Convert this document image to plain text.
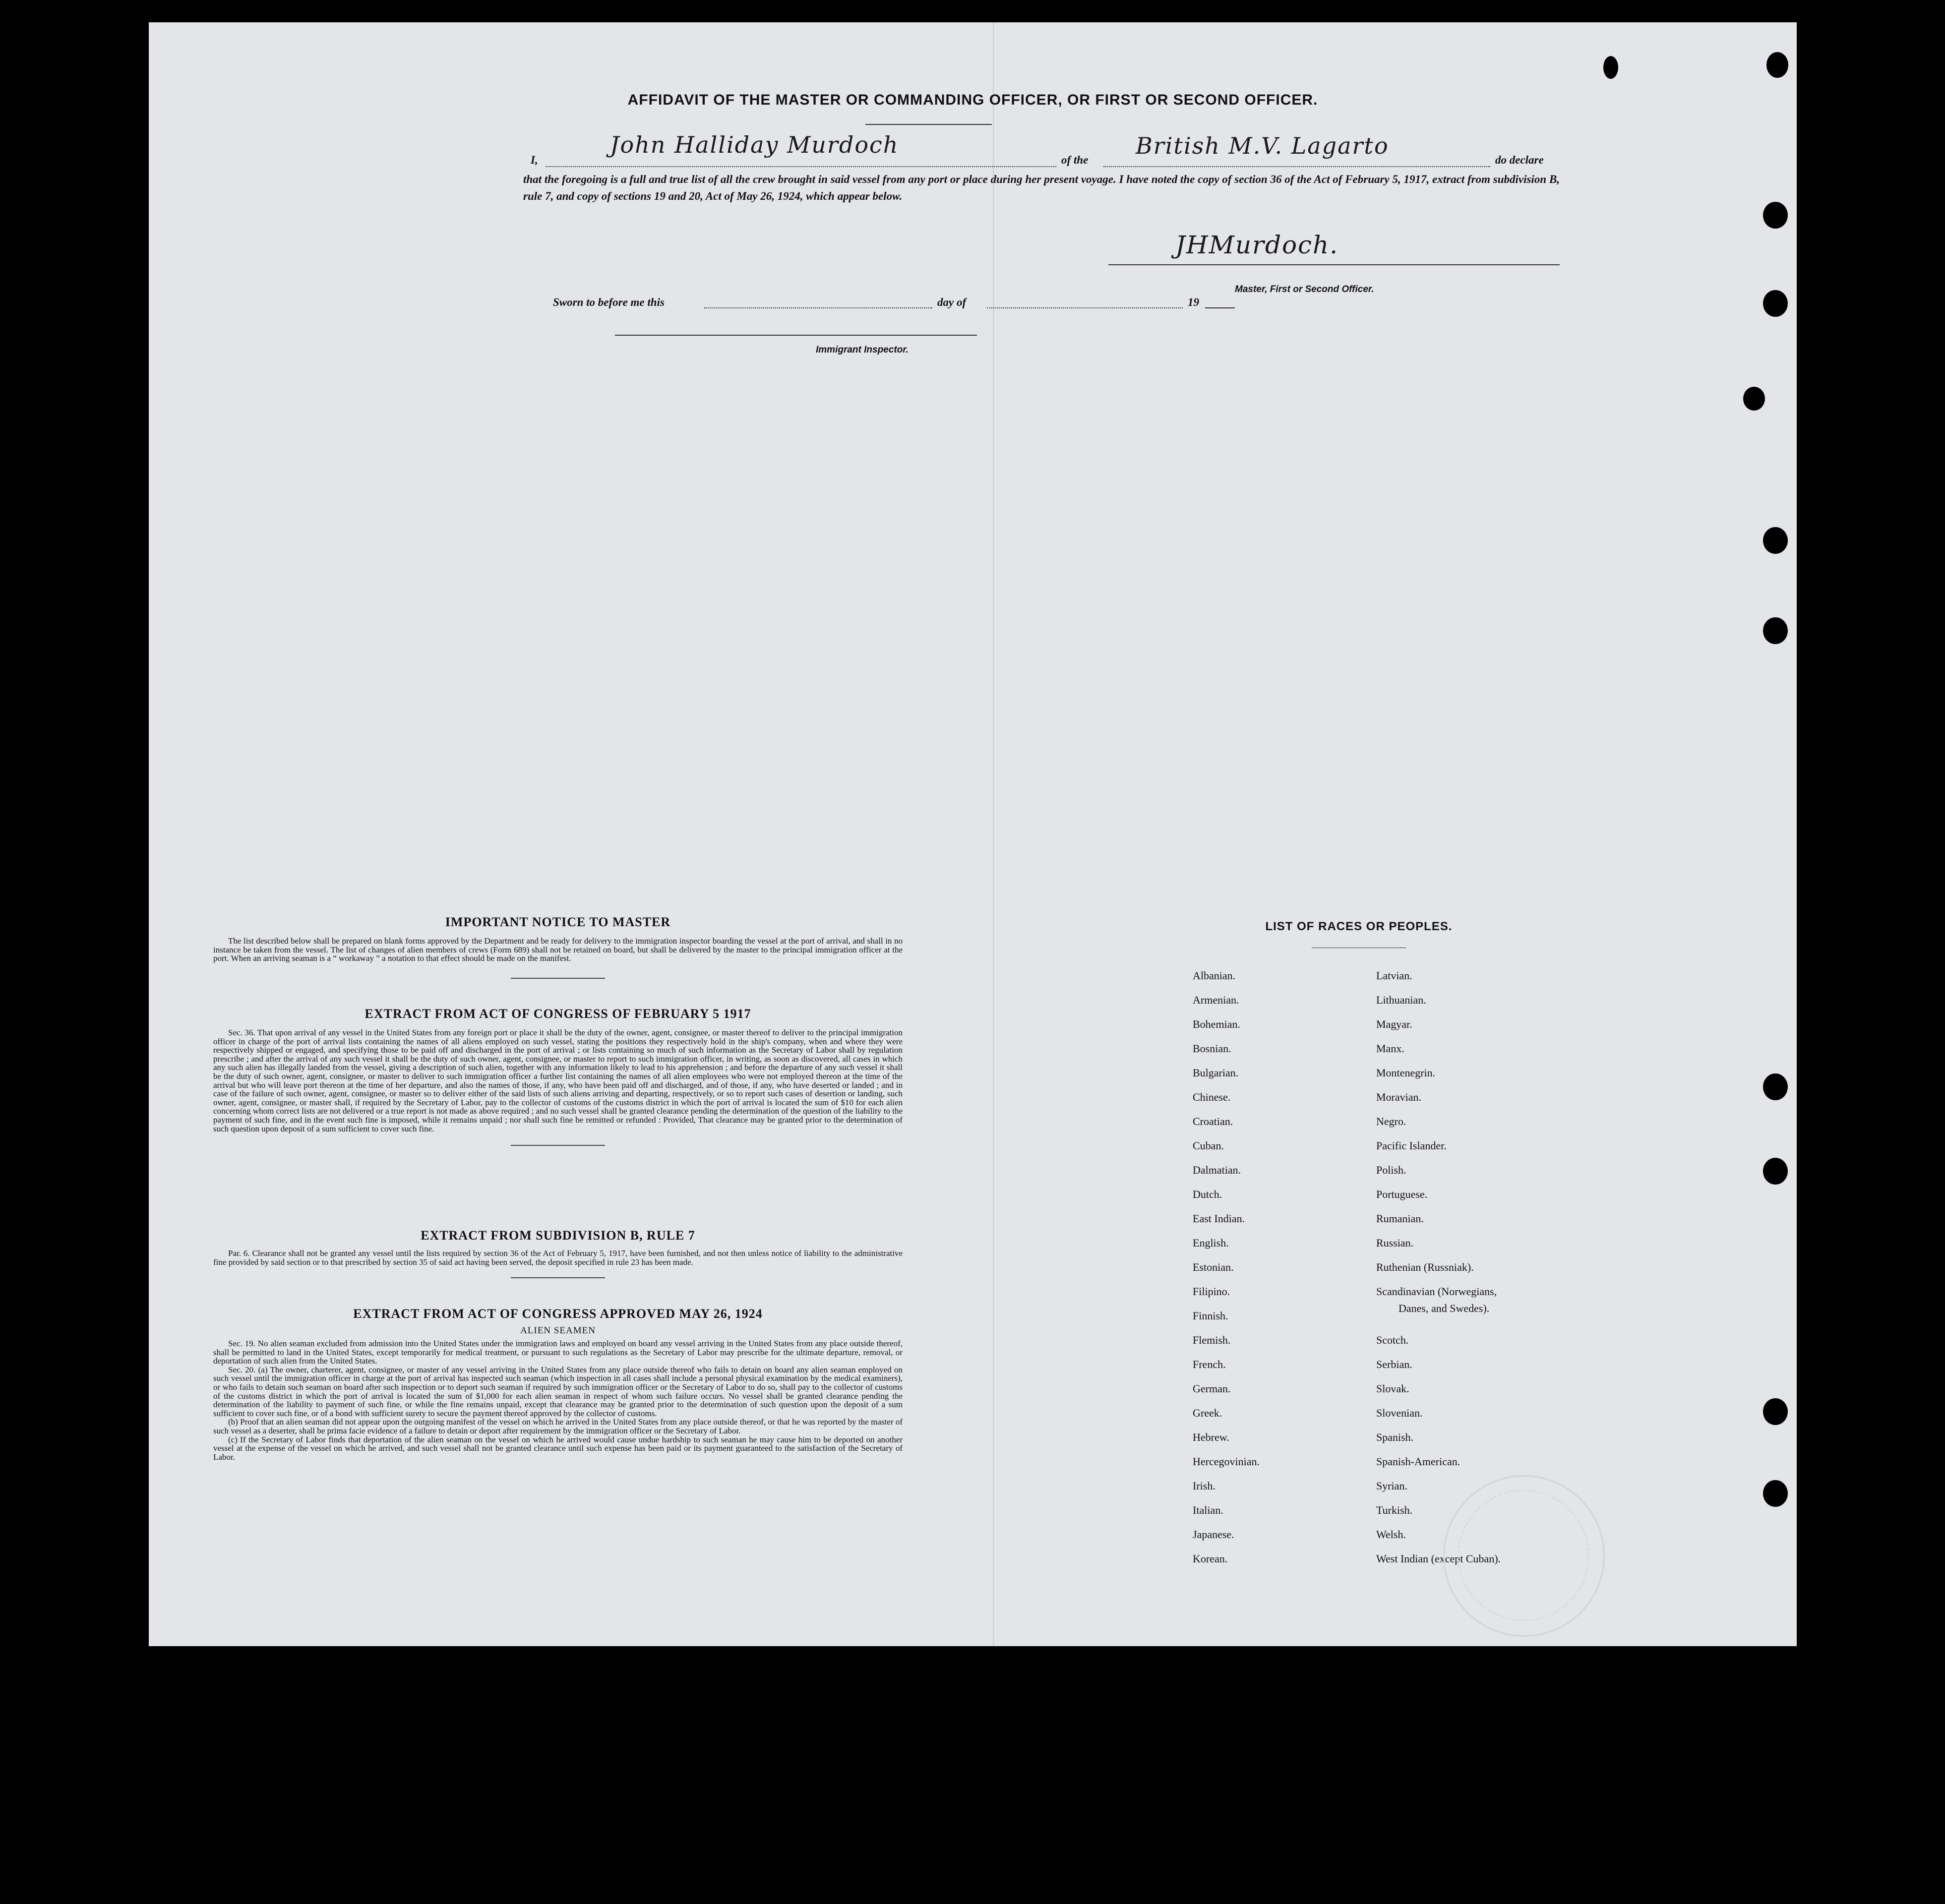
AFFIDAVIT OF THE MASTER OR COMMANDING OFFICER, OR FIRST OR SECOND OFFICER.
I,
John Halliday Murdoch
of the
British M.V. Lagarto
do declare
that the foregoing is a full and true list of all the crew brought in said vessel from any port or place during her present voyage. I have noted the copy of section 36 of the Act of February 5, 1917, extract from subdivision B, rule 7, and copy of sections 19 and 20, Act of May 26, 1924, which appear below.
JHMurdoch.
Master, First or Second Officer.
Sworn to before me this	day of	19
Immigrant Inspector.
IMPORTANT NOTICE TO MASTER

The list described below shall be prepared on blank forms approved by the Department and be ready for delivery to the immigration inspector boarding the vessel at the port of arrival, and shall in no instance be taken from the vessel. The list of changes of alien members of crews (Form 689) shall not be retained on board, but shall be delivered by the master to the principal immigration officer at the port. When an arriving seaman is a “ workaway ” a notation to that effect should be made on the manifest.

EXTRACT FROM ACT OF CONGRESS OF FEBRUARY 5 1917

Sec. 36. That upon arrival of any vessel in the United States from any foreign port or place it shall be the duty of the owner, agent, consignee, or master thereof to deliver to the principal immigration officer in charge of the port of arrival lists containing the names of all aliens employed on such vessel, stating the positions they respectively hold in the ship's company, when and where they were respectively shipped or engaged, and specifying those to be paid off and discharged in the port of arrival ; or lists containing so much of such information as the Secretary of Labor shall by regulation prescribe ; and after the arrival of any such vessel it shall be the duty of such owner, agent, consignee, or master to report to such immigration officer, in writing, as soon as discovered, all cases in which any such alien has illegally landed from the vessel, giving a description of such alien, together with any information likely to lead to his apprehension ; and before the departure of any such vessel it shall be the duty of such owner, agent, consignee, or master to deliver to such immigration officer a further list containing the names of all alien employees who were not employed thereon at the time of the arrival but who will leave port thereon at the time of her departure, and also the names of those, if any, who have been paid off and discharged, and of those, if any, who have deserted or landed ; and in case of the failure of such owner, agent, consignee, or master so to deliver either of the said lists of such aliens arriving and departing, respectively, or so to report such cases of desertion or landing, such owner, agent, consignee, or master shall, if required by the Secretary of Labor, pay to the collector of customs of the customs district in which the port of arrival is located the sum of $10 for each alien concerning whom correct lists are not delivered or a true report is not made as above required ; and no such vessel shall be granted clearance pending the determination of the question of the liability to the payment of such fine, and in the event such fine is imposed, while it remains unpaid ; nor shall such fine be remitted or refunded : Provided, That clearance may be granted prior to the determination of such question upon deposit of a sum sufficient to cover such fine.

EXTRACT FROM SUBDIVISION B, RULE 7

Par. 6. Clearance shall not be granted any vessel until the lists required by section 36 of the Act of February 5, 1917, have been furnished, and not then unless notice of liability to the administrative fine provided by said section or to that prescribed by section 35 of said act having been served, the deposit specified in rule 23 has been made.

EXTRACT FROM ACT OF CONGRESS APPROVED MAY 26, 1924
ALIEN SEAMEN

Sec. 19. No alien seaman excluded from admission into the United States under the immigration laws and employed on board any vessel arriving in the United States from any place outside thereof, shall be permitted to land in the United States, except temporarily for medical treatment, or pursuant to such regulations as the Secretary of Labor may prescribe for the ultimate departure, removal, or deportation of such alien from the United States.

Sec. 20. (a) The owner, charterer, agent, consignee, or master of any vessel arriving in the United States from any place outside thereof who fails to detain on board any alien seaman employed on such vessel until the immigration officer in charge at the port of arrival has inspected such seaman (which inspection in all cases shall include a personal physical examination by the medical examiners), or who fails to detain such seaman on board after such inspection or to deport such seaman if required by such immigration officer or the Secretary of Labor to do so, shall pay to the collector of customs of the customs district in which the port of arrival is located the sum of $1,000 for each alien seaman in respect of whom such failure occurs. No vessel shall be granted clearance pending the determination of the liability to payment of such fine, or while the fine remains unpaid, except that clearance may be granted prior to the determination of such question upon the deposit of a sum sufficient to cover such fine, or of a bond with sufficient surety to secure the payment thereof approved by the collector of customs.

(b) Proof that an alien seaman did not appear upon the outgoing manifest of the vessel on which he arrived in the United States from any place outside thereof, or that he was reported by the master of such vessel as a deserter, shall be prima facie evidence of a failure to detain or deport after requirement by the immigration officer or the Secretary of Labor.

(c) If the Secretary of Labor finds that deportation of the alien seaman on the vessel on which he arrived would cause undue hardship to such seaman he may cause him to be deported on another vessel at the expense of the vessel on which he arrived, and such vessel shall not be granted clearance until such expense has been paid or its payment guaranteed to the satisfaction of the Secretary of Labor.

LIST OF RACES OR PEOPLES.
Albanian.
Armenian.
Bohemian.
Bosnian.
Bulgarian.
Chinese.
Croatian.
Cuban.
Dalmatian.
Dutch.
East Indian.
English.
Estonian.
Filipino.
Finnish.
Flemish.
French.
German.
Greek.
Hebrew.
Hercegovinian.
Irish.
Italian.
Japanese.
Korean.
Latvian.
Lithuanian.
Magyar.
Manx.
Montenegrin.
Moravian.
Negro.
Pacific Islander.
Polish.
Portuguese.
Rumanian.
Russian.
Ruthenian (Russniak).
Scandinavian (Norwegians,
Danes, and Swedes).
Scotch.
Serbian.
Slovak.
Slovenian.
Spanish.
Spanish-American.
Syrian.
Turkish.
Welsh.
West Indian (except Cuban).
